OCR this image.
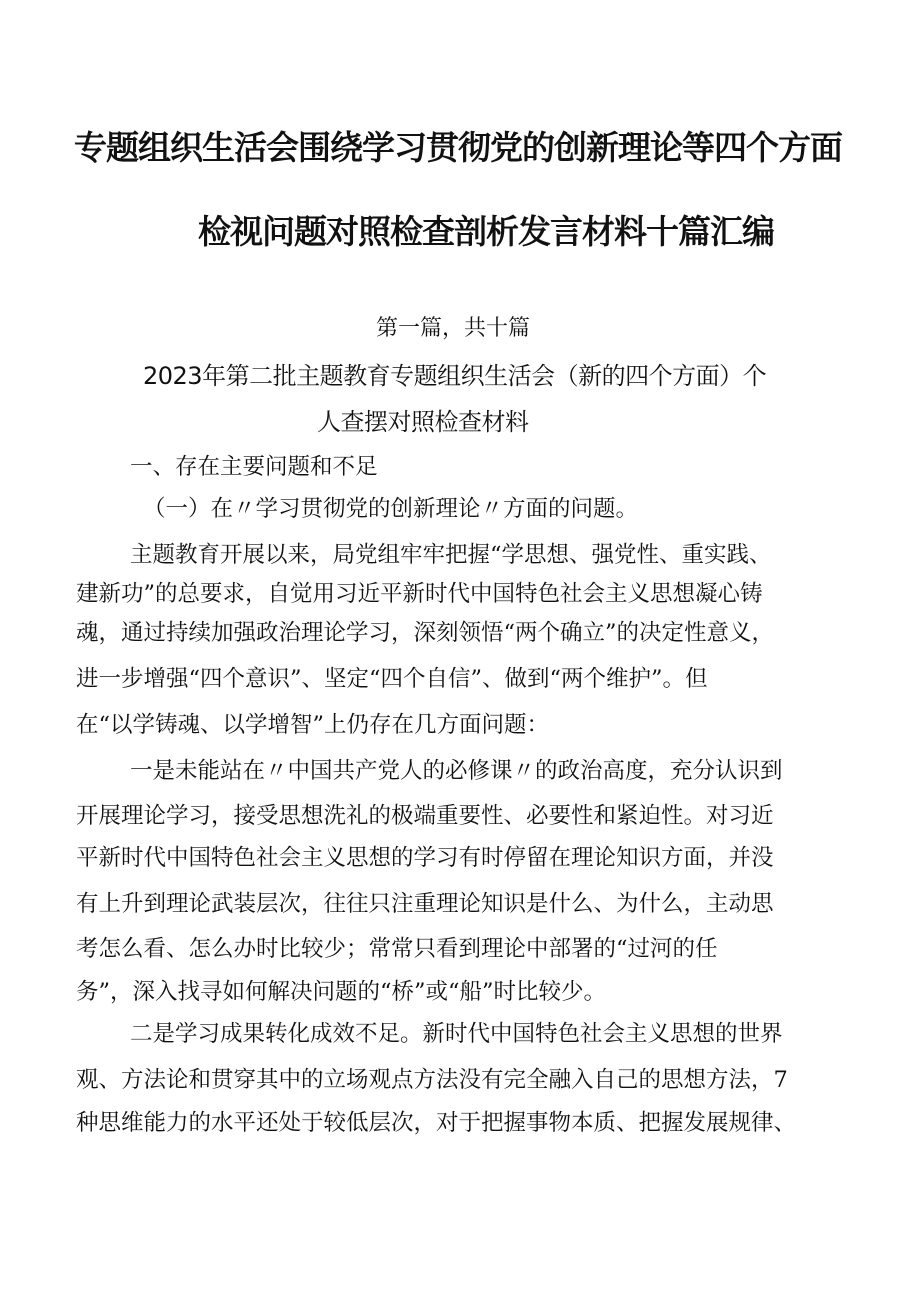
专题组织生活会围绕学习贯彻党的创新理论等四个方面
检视问题对照检查剖析发言材料十篇汇编
第一篇，共十篇
2023年第二批主题教育专题组织生活会（新的四个方面）个
人查摆对照检查材料
一、存在主要问题和不足
（一）在〃学习贯彻党的创新理论〃方面的问题。
主题教育开展以来，局党组牢牢把握“学思想、强党性、重实践、
建新功”的总要求，自觉用习近平新时代中国特色社会主义思想凝心铸
魂，通过持续加强政治理论学习，深刻领悟“两个确立”的决定性意义，
进一步增强“四个意识”、坚定“四个自信”、做到“两个维护”。但
在“以学铸魂、以学增智”上仍存在几方面问题：
一是未能站在〃中国共产党人的必修课〃的政治高度，充分认识到
开展理论学习，接受思想洗礼的极端重要性、必要性和紧迫性。对习近
平新时代中国特色社会主义思想的学习有时停留在理论知识方面，并没
有上升到理论武装层次，往往只注重理论知识是什么、为什么，主动思
考怎么看、怎么办时比较少；常常只看到理论中部署的“过河的任
务”，深入找寻如何解决问题的“桥”或“船”时比较少。
二是学习成果转化成效不足。新时代中国特色社会主义思想的世界
观、方法论和贯穿其中的立场观点方法没有完全融入自己的思想方法，7
种思维能力的水平还处于较低层次，对于把握事物本质、把握发展规律、
